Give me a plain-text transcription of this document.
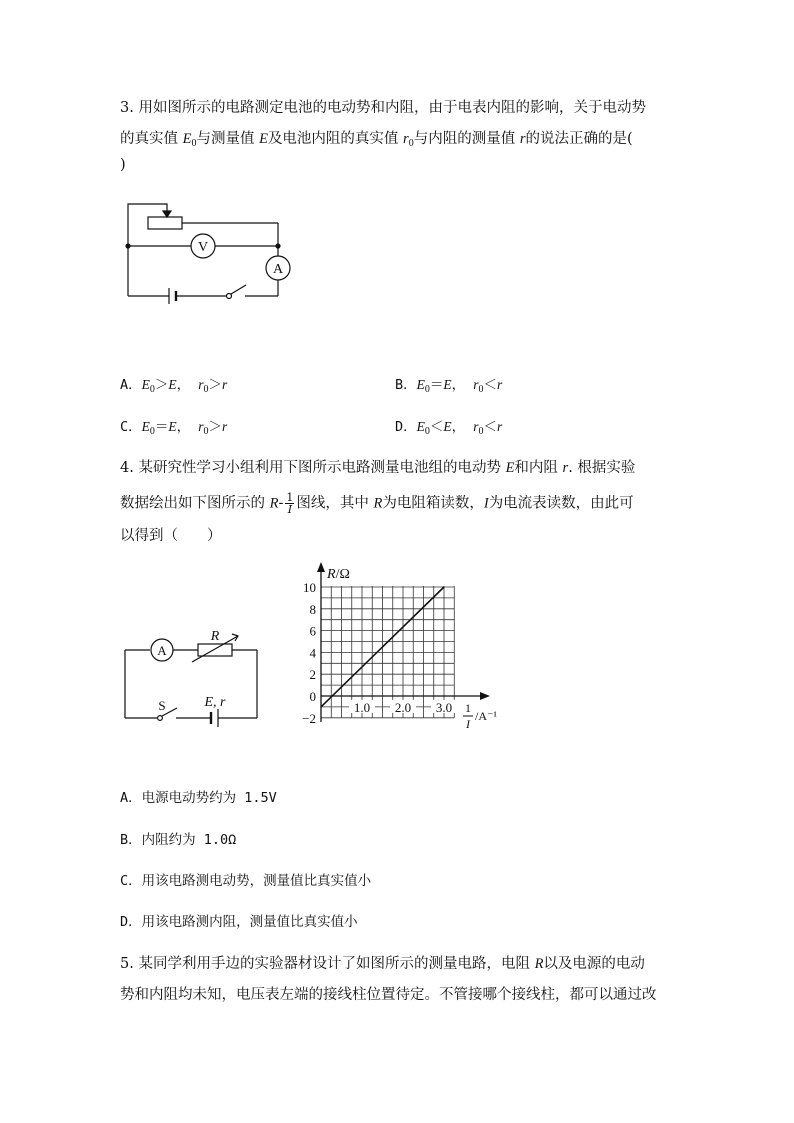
3. 用如图所示的电路测定电池的电动势和内阻，由于电表内阻的影响，关于电动势
的真实值 $E_0$与测量值 E及电池内阻的真实值 $r_0$与内阻的测量值 r的说法正确的是(
)
V
A
A．$E_0>E$， $r_0>r$	B．$E_0=E$， $r_0<r$
C．$E_0=E$， $r_0>r$	D．$E_0<E$， $r_0<r$
4. 某研究性学习小组利用下图所示电路测量电池组的电动势 E和内阻 r. 根据实验
数据绘出如下图所示的 $R- \frac{1}{I}$ 图线，其中 R为电阻箱读数，I为电流表读数，由此可
以得到（　　）
A
R
S	E, r
10
8
6
4
2
0
−2
1.0 2.0 3.0
R/Ω
1
I
/A⁻¹
A．电源电动势约为 1.5V
B．内阻约为 1.0Ω
C．用该电路测电动势，测量值比真实值小
D．用该电路测内阻，测量值比真实值小
5. 某同学利用手边的实验器材设计了如图所示的测量电路，电阻 R以及电源的电动
势和内阻均未知，电压表左端的接线柱位置待定。不管接哪个接线柱，都可以通过改
